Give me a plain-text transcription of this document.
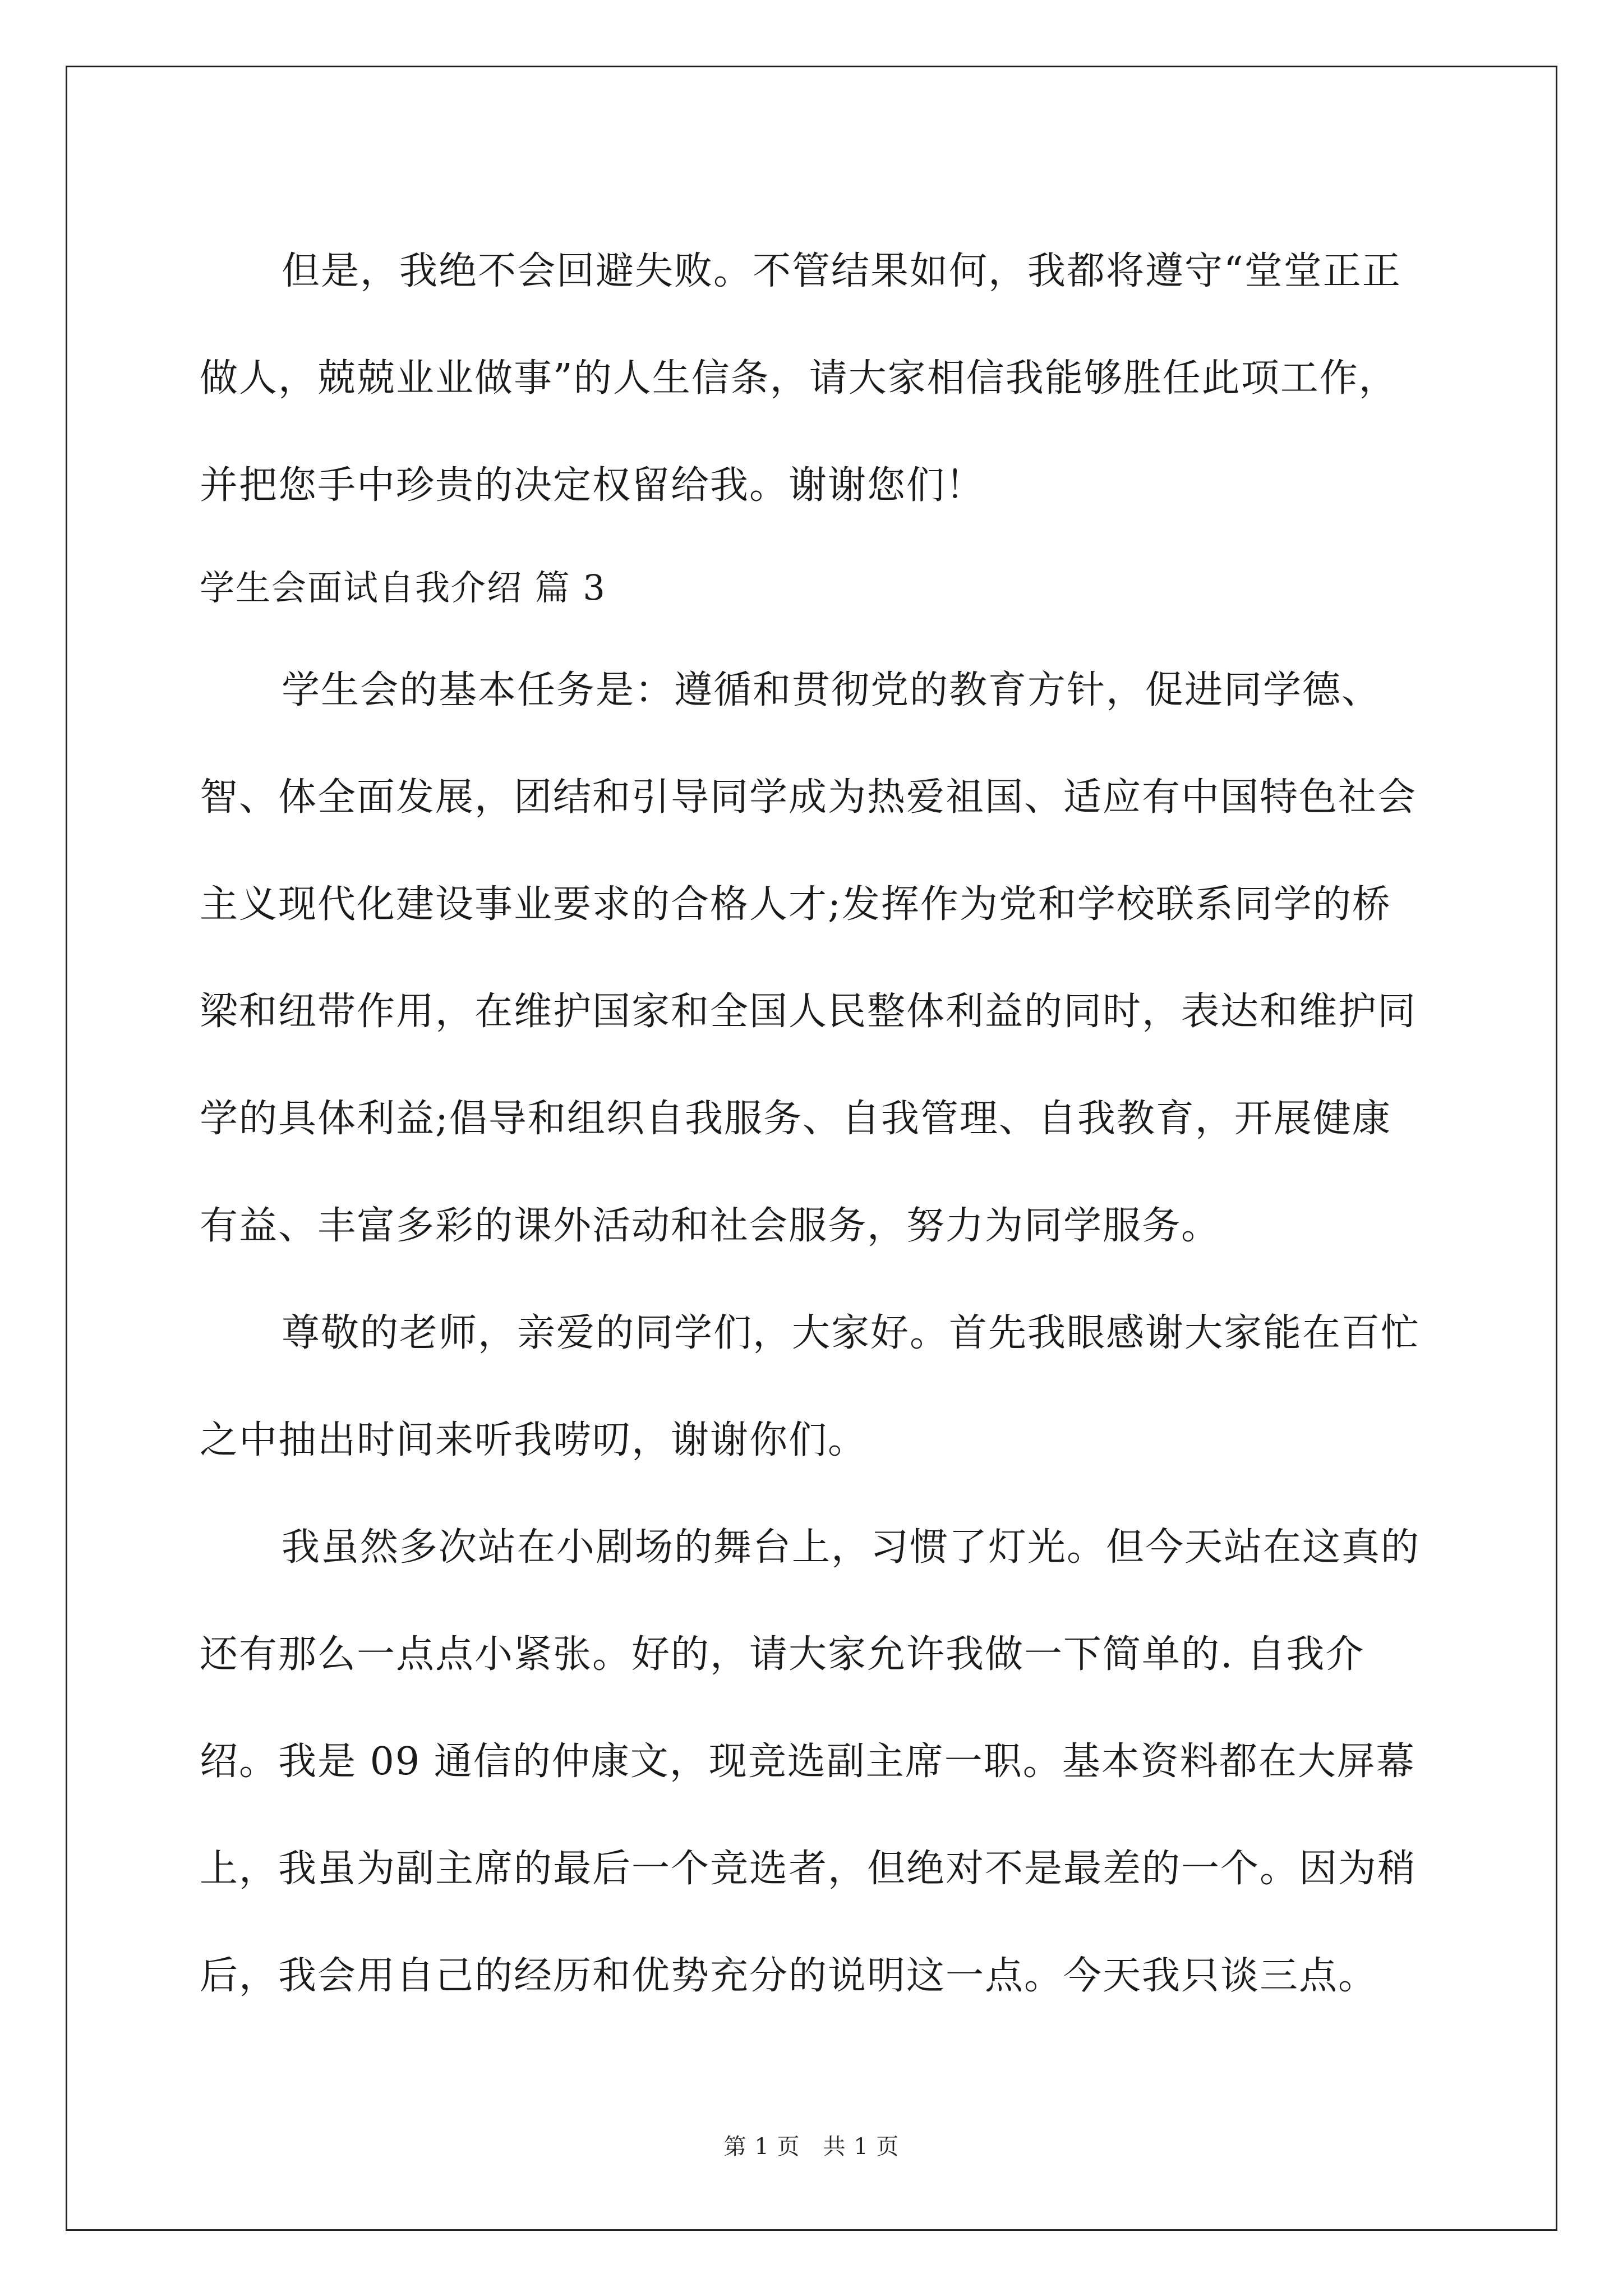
但是，我绝不会回避失败。不管结果如何，我都将遵守“堂堂正正做人，兢兢业业做事”的人生信条，请大家相信我能够胜任此项工作，并把您手中珍贵的决定权留给我。谢谢您们！

学生会面试自我介绍 篇 3

学生会的基本任务是：遵循和贯彻党的教育方针，促进同学德、智、体全面发展，团结和引导同学成为热爱祖国、适应有中国特色社会主义现代化建设事业要求的合格人才;发挥作为党和学校联系同学的桥梁和纽带作用，在维护国家和全国人民整体利益的同时，表达和维护同学的具体利益;倡导和组织自我服务、自我管理、自我教育，开展健康有益、丰富多彩的课外活动和社会服务，努力为同学服务。

尊敬的老师，亲爱的同学们，大家好。首先我眼感谢大家能在百忙之中抽出时间来听我唠叨，谢谢你们。

我虽然多次站在小剧场的舞台上，习惯了灯光。但今天站在这真的还有那么一点点小紧张。好的，请大家允许我做一下简单的. 自我介绍。我是 09 通信的仲康文，现竞选副主席一职。基本资料都在大屏幕上，我虽为副主席的最后一个竞选者，但绝对不是最差的一个。因为稍后，我会用自己的经历和优势充分的说明这一点。今天我只谈三点。

第 1 页　共 1 页
